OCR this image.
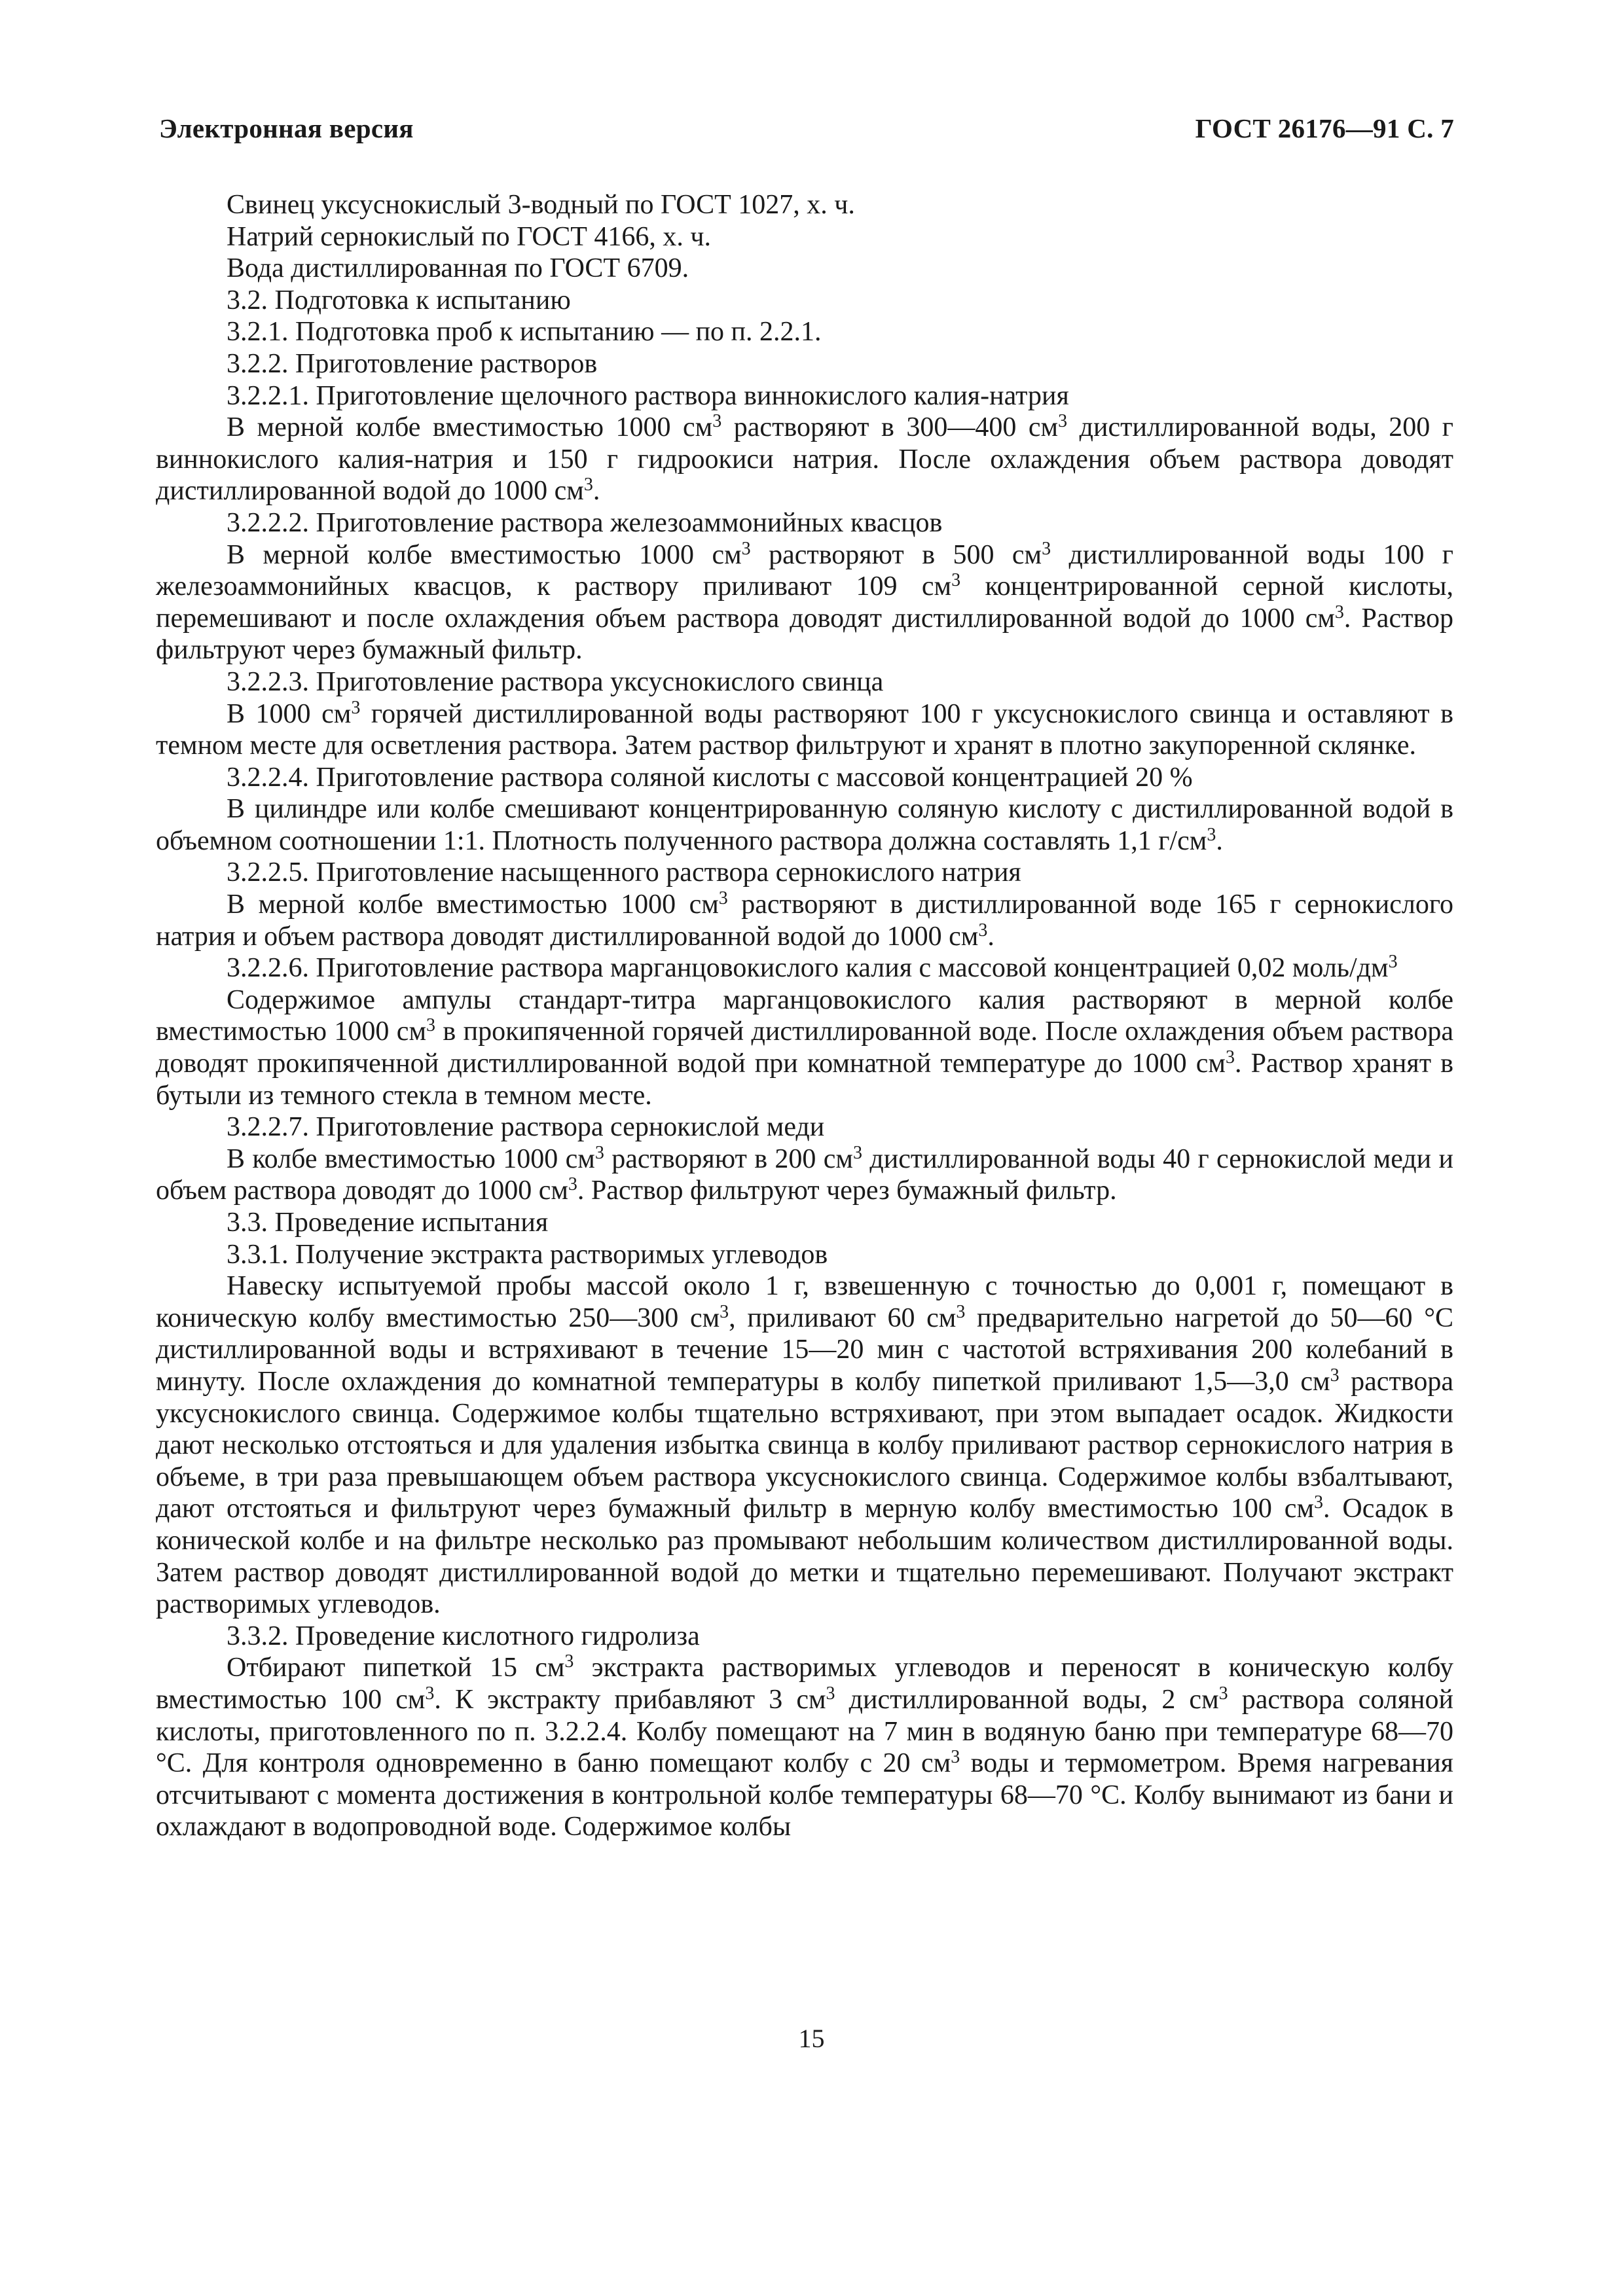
Электронная версия	ГОСТ 26176—91 С. 7

Свинец уксуснокислый 3-водный по ГОСТ 1027, х. ч.

Натрий сернокислый по ГОСТ 4166, х. ч.

Вода дистиллированная по ГОСТ 6709.

3.2. Подготовка к испытанию

3.2.1. Подготовка проб к испытанию — по п. 2.2.1.

3.2.2. Приготовление растворов

3.2.2.1. Приготовление щелочного раствора виннокислого калия-натрия

В мерной колбе вместимостью 1000 $см^3$ растворяют в 300—400 $см^3$ дистиллированной воды, 200 г виннокислого калия-натрия и 150 г гидроокиси натрия. После охлаждения объем раствора доводят дистиллированной водой до 1000 $см^3$.

3.2.2.2. Приготовление раствора железоаммонийных квасцов

В мерной колбе вместимостью 1000 $см^3$ растворяют в 500 $см^3$ дистиллированной воды 100 г железоаммонийных квасцов, к раствору приливают 109 $см^3$ концентрированной серной кислоты, перемешивают и после охлаждения объем раствора доводят дистиллированной водой до 1000 $см^3$. Раствор фильтруют через бумажный фильтр.

3.2.2.3. Приготовление раствора уксуснокислого свинца

В 1000 $см^3$ горячей дистиллированной воды растворяют 100 г уксуснокислого свинца и оставляют в темном месте для осветления раствора. Затем раствор фильтруют и хранят в плотно закупоренной склянке.

3.2.2.4. Приготовление раствора соляной кислоты с массовой концентрацией 20 %

В цилиндре или колбе смешивают концентрированную соляную кислоту с дистиллированной водой в объемном соотношении 1:1. Плотность полученного раствора должна составлять 1,1 $г/см^3$.

3.2.2.5. Приготовление насыщенного раствора сернокислого натрия

В мерной колбе вместимостью 1000 $см^3$ растворяют в дистиллированной воде 165 г сернокислого натрия и объем раствора доводят дистиллированной водой до 1000 $см^3$.

3.2.2.6. Приготовление раствора марганцовокислого калия с массовой концентрацией 0,02 моль/$дм^3$

Содержимое ампулы стандарт-титра марганцовокислого калия растворяют в мерной колбе вместимостью 1000 $см^3$ в прокипяченной горячей дистиллированной воде. После охлаждения объем раствора доводят прокипяченной дистиллированной водой при комнатной температуре до 1000 $см^3$. Раствор хранят в бутыли из темного стекла в темном месте.

3.2.2.7. Приготовление раствора сернокислой меди

В колбе вместимостью 1000 $см^3$ растворяют в 200 $см^3$ дистиллированной воды 40 г сернокислой меди и объем раствора доводят до 1000 $см^3$. Раствор фильтруют через бумажный фильтр.

3.3. Проведение испытания

3.3.1. Получение экстракта растворимых углеводов

Навеску испытуемой пробы массой около 1 г, взвешенную с точностью до 0,001 г, помещают в коническую колбу вместимостью 250—300 $см^3$, приливают 60 $см^3$ предварительно нагретой до 50—60 °С дистиллированной воды и встряхивают в течение 15—20 мин с частотой встряхивания 200 колебаний в минуту. После охлаждения до комнатной температуры в колбу пипеткой приливают 1,5—3,0 $см^3$ раствора уксуснокислого свинца. Содержимое колбы тщательно встряхивают, при этом выпадает осадок. Жидкости дают несколько отстояться и для удаления избытка свинца в колбу приливают раствор сернокислого натрия в объеме, в три раза превышающем объем раствора уксуснокислого свинца. Содержимое колбы взбалтывают, дают отстояться и фильтруют через бумажный фильтр в мерную колбу вместимостью 100 $см^3$. Осадок в конической колбе и на фильтре несколько раз промывают небольшим количеством дистиллированной воды. Затем раствор доводят дистиллированной водой до метки и тщательно перемешивают. Получают экстракт растворимых углеводов.

3.3.2. Проведение кислотного гидролиза

Отбирают пипеткой 15 $см^3$ экстракта растворимых углеводов и переносят в коническую колбу вместимостью 100 $см^3$. К экстракту прибавляют 3 $см^3$ дистиллированной воды, 2 $см^3$ раствора соляной кислоты, приготовленного по п. 3.2.2.4. Колбу помещают на 7 мин в водяную баню при температуре 68—70 °С. Для контроля одновременно в баню помещают колбу с 20 $см^3$ воды и термометром. Время нагревания отсчитывают с момента достижения в контрольной колбе температуры 68—70 °С. Колбу вынимают из бани и охлаждают в водопроводной воде. Содержимое колбы

15
